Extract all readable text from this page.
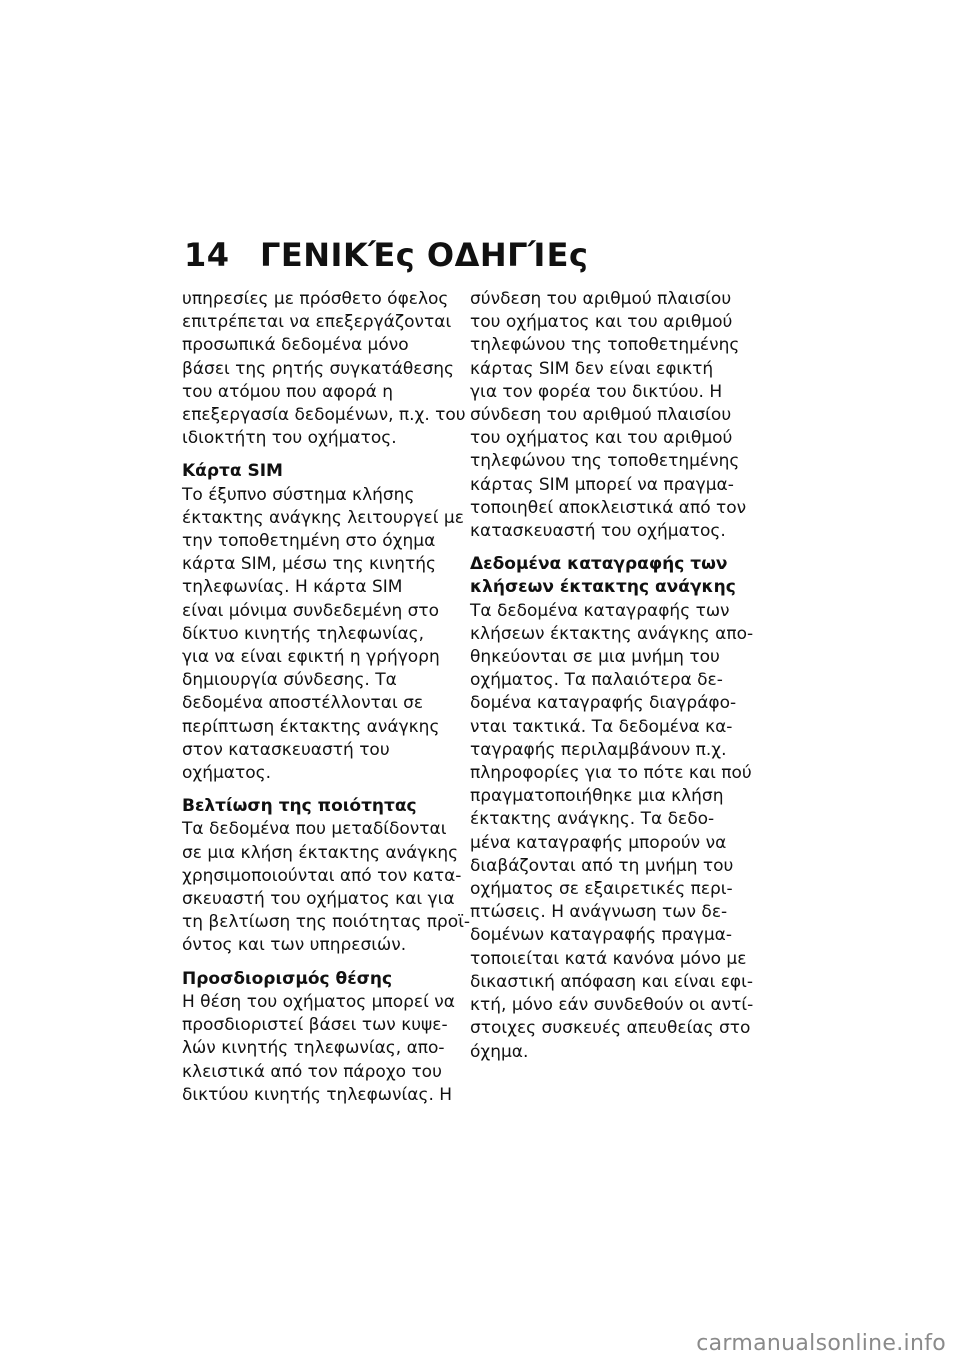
14 ΓΕΝΙΚΈς ΟΔΗΓΊΕς
υπηρεσίες με πρόσθετο όφελος
επιτρέπεται να επεξεργάζονται
προσωπικά δεδομένα μόνο
βάσει της ρητής συγκατάθεσης
του ατόμου που αφορά η
επεξεργασία δεδομένων, π.χ. του
ιδιοκτήτη του οχήματος.
Κάρτα SIM
Το έξυπνο σύστημα κλήσης
έκτακτης ανάγκης λειτουργεί με
την τοποθετημένη στο όχημα
κάρτα SIM, μέσω της κινητής
τηλεφωνίας. Η κάρτα SIM
είναι μόνιμα συνδεδεμένη στο
δίκτυο κινητής τηλεφωνίας,
για να είναι εφικτή η γρήγορη
δημιουργία σύνδεσης. Τα
δεδομένα αποστέλλονται σε
περίπτωση έκτακτης ανάγκης
στον κατασκευαστή του
οχήματος.
Βελτίωση της ποιότητας
Τα δεδομένα που μεταδίδονται
σε μια κλήση έκτακτης ανάγκης
χρησιμοποιούνται από τον κατα-
σκευαστή του οχήματος και για
τη βελτίωση της ποιότητας προϊ-
όντος και των υπηρεσιών.
Προσδιορισμός θέσης
Η θέση του οχήματος μπορεί να
προσδιοριστεί βάσει των κυψε-
λών κινητής τηλεφωνίας, απο-
κλειστικά από τον πάροχο του
δικτύου κινητής τηλεφωνίας. Η
σύνδεση του αριθμού πλαισίου
του οχήματος και του αριθμού
τηλεφώνου της τοποθετημένης
κάρτας SIM δεν είναι εφικτή
για τον φορέα του δικτύου. Η
σύνδεση του αριθμού πλαισίου
του οχήματος και του αριθμού
τηλεφώνου της τοποθετημένης
κάρτας SIM μπορεί να πραγμα-
τοποιηθεί αποκλειστικά από τον
κατασκευαστή του οχήματος.
Δεδομένα καταγραφής των
κλήσεων έκτακτης ανάγκης
Τα δεδομένα καταγραφής των
κλήσεων έκτακτης ανάγκης απο-
θηκεύονται σε μια μνήμη του
οχήματος. Τα παλαιότερα δε-
δομένα καταγραφής διαγράφο-
νται τακτικά. Τα δεδομένα κα-
ταγραφής περιλαμβάνουν π.χ.
πληροφορίες για το πότε και πού
πραγματοποιήθηκε μια κλήση
έκτακτης ανάγκης. Τα δεδο-
μένα καταγραφής μπορούν να
διαβάζονται από τη μνήμη του
οχήματος σε εξαιρετικές περι-
πτώσεις. Η ανάγνωση των δε-
δομένων καταγραφής πραγμα-
τοποιείται κατά κανόνα μόνο με
δικαστική απόφαση και είναι εφι-
κτή, μόνο εάν συνδεθούν οι αντί-
στοιχες συσκευές απευθείας στο
όχημα.
carmanualsonline.info
